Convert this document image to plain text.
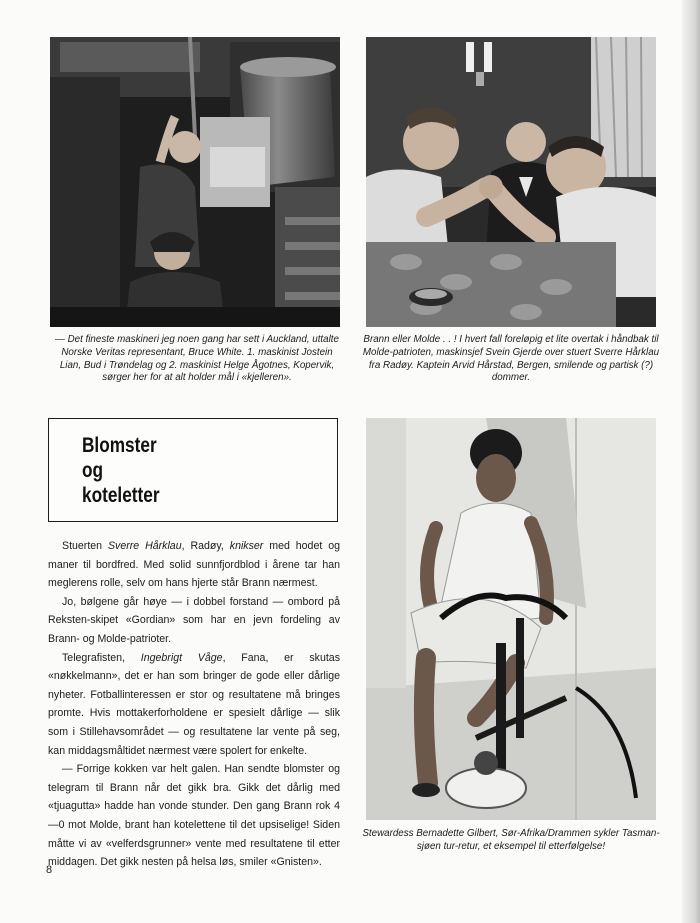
— Det fineste maskineri jeg noen gang har sett i Auckland, uttalte Norske Veritas representant, Bruce White. 1. maskinist Jostein Lian, Bud i Trøndelag og 2. maskinist Helge Ågotnes, Kopervik, sørger her for at alt holder mål i «kjelleren».
Brann eller Molde . . ! I hvert fall foreløpig et lite overtak i håndbak til Molde-patrioten, maskinsjef Svein Gjerde over stuert Sverre Hårklau fra Radøy. Kaptein Arvid Hårstad, Bergen, smilende og partisk (?) dommer.
Blomster
og
koteletter

Stuerten Sverre Hårklau, Radøy, knikser med hodet og maner til bordfred. Med solid sunnfjordblod i årene tar han meglerens rolle, selv om hans hjerte står Brann nærmest.

Jo, bølgene går høye — i dobbel forstand — ombord på Reksten-skipet «Gordian» som har en jevn fordeling av Brann- og Molde-patrioter.

Telegrafisten, Ingebrigt Våge, Fana, er skutas «nøkkelmann», det er han som bringer de gode eller dårlige nyheter. Fotballinteressen er stor og resultatene må bringes promte. Hvis mottakerforholdene er spesielt dårlige — slik som i Stillehavsområdet — og resultatene lar vente på seg, kan middagsmåltidet nærmest være spolert for enkelte.

— Forrige kokken var helt galen. Han sendte blomster og telegram til Brann når det gikk bra. Gikk det dårlig med «tjuagutta» hadde han vonde stunder. Den gang Brann rok 4—0 mot Molde, brant han kotelettene til det upsiselige! Siden måtte vi av «velferdsgrunner» vente med resultatene til etter middagen. Det gikk nesten på helsa løs, smiler «Gnisten».

Stewardess Bernadette Gilbert, Sør-Afrika/Drammen sykler Tasman-sjøen tur-retur, et eksempel til etterfølgelse!
8
